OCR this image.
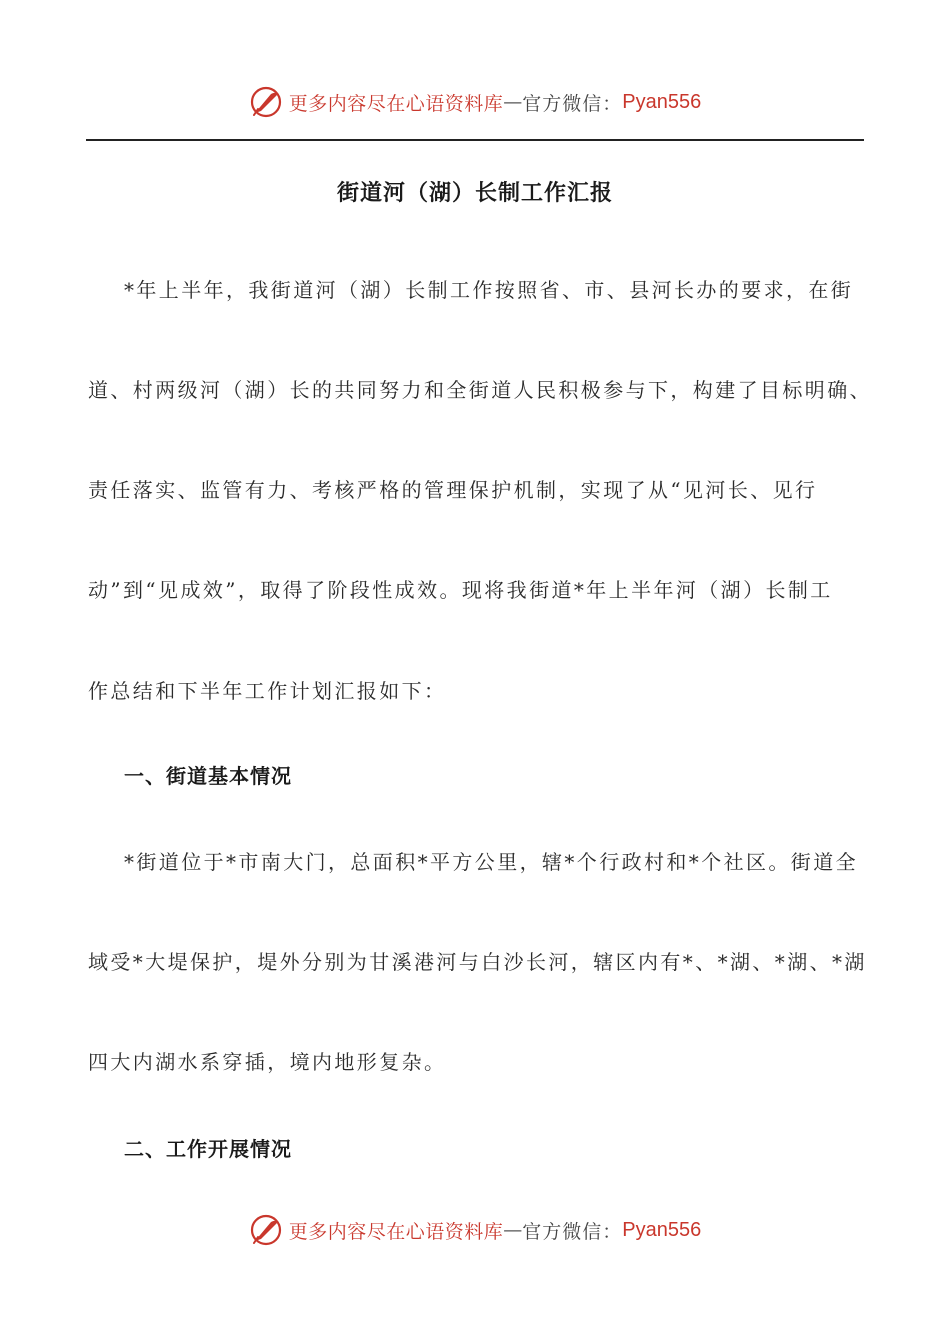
更多内容尽在心语资料库 — 官方微信： Pyan556
街道河（湖）长制工作汇报
*年上半年，我街道河（湖）长制工作按照省、市、县河长办的要求，在街
道、村两级河（湖）长的共同努力和全街道人民积极参与下，构建了目标明确、
责任落实、监管有力、考核严格的管理保护机制，实现了从“见河长、见行
动”到“见成效”，取得了阶段性成效。现将我街道*年上半年河（湖）长制工
作总结和下半年工作计划汇报如下：
一、街道基本情况
*街道位于*市南大门，总面积*平方公里，辖*个行政村和*个社区。街道全
域受*大堤保护，堤外分别为甘溪港河与白沙长河，辖区内有*、*湖、*湖、*湖
四大内湖水系穿插，境内地形复杂。
二、工作开展情况
更多内容尽在心语资料库 — 官方微信： Pyan556
